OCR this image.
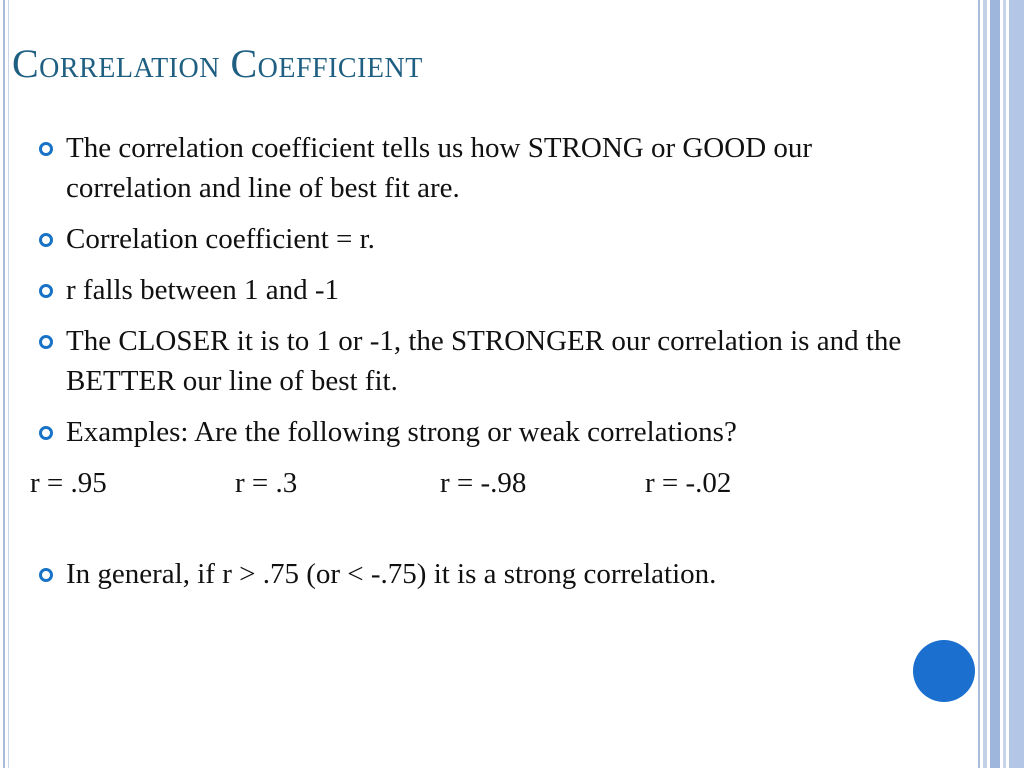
Correlation Coefficient
The correlation coefficient tells us how STRONG or GOOD our correlation and line of best fit are.
Correlation coefficient = r.
r falls between 1 and -1
The CLOSER it is to 1 or -1, the STRONGER our correlation is and the BETTER our line of best fit.
Examples: Are the following strong or weak correlations?
r = .95	r = .3	r = -.98	r = -.02
In general, if r > .75 (or < -.75) it is a strong correlation.
